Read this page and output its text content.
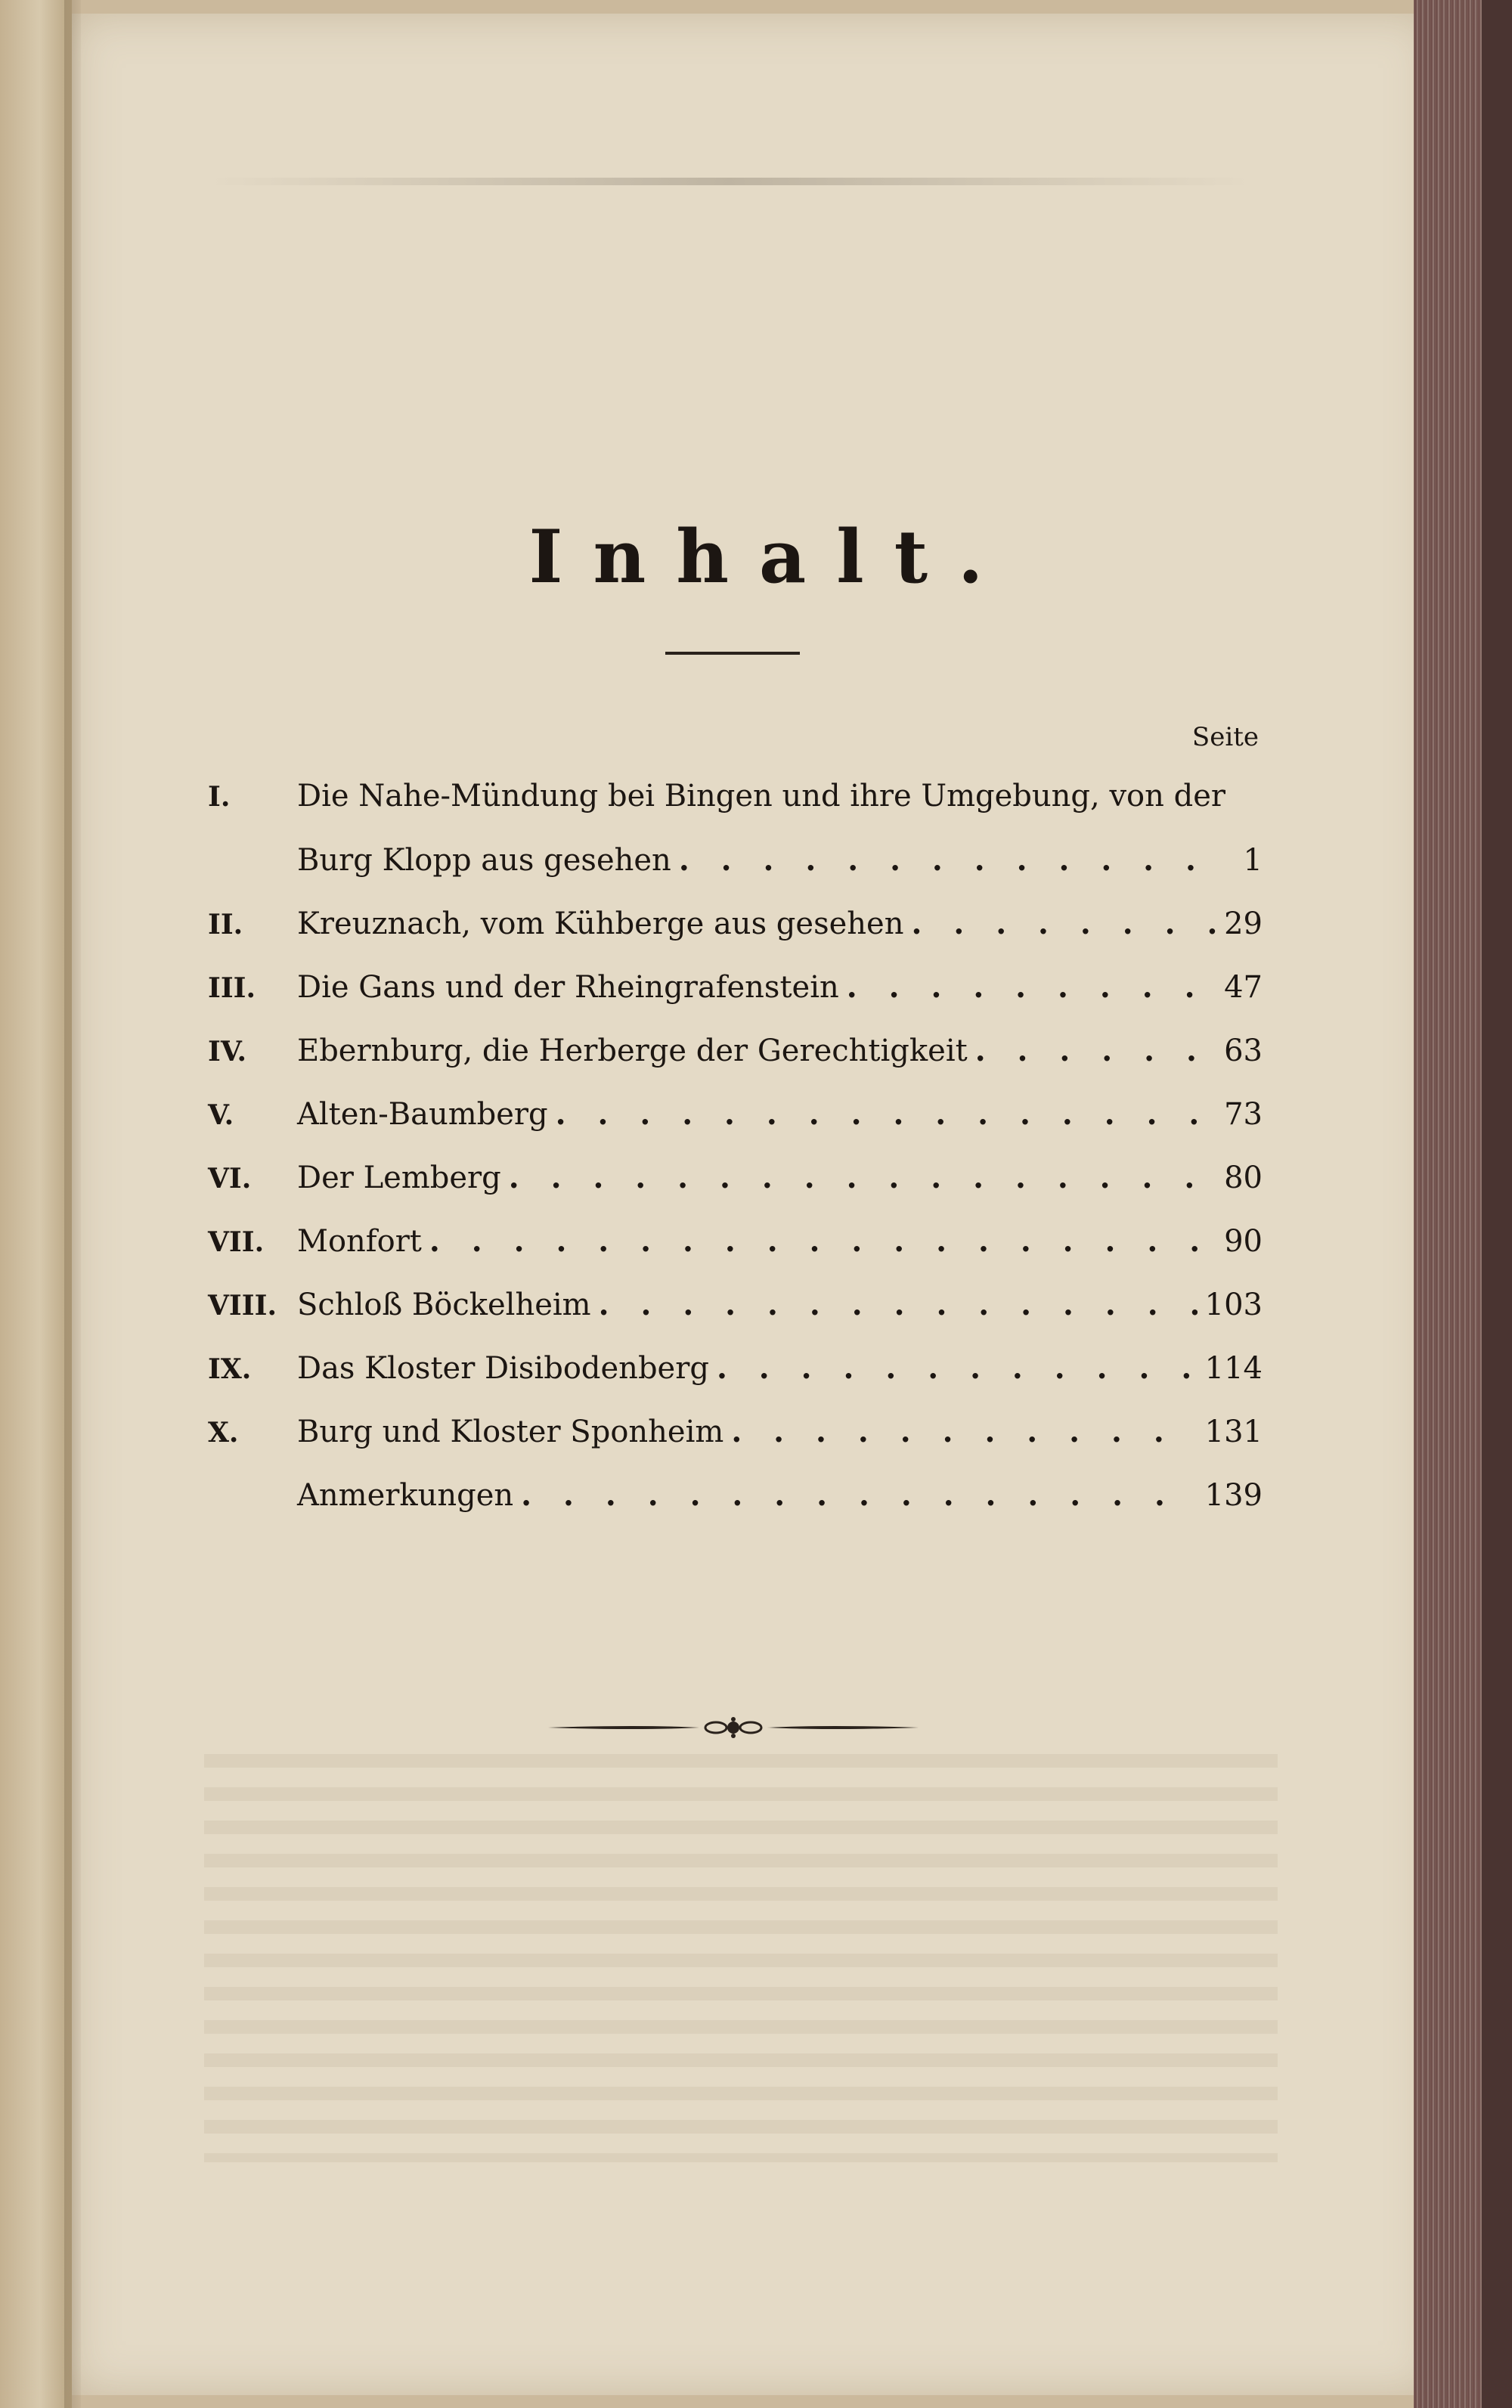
Inhalt.
Seite
I.	Die Nahe-Mündung bei Bingen und ihre Umgebung, von der
Burg Klopp aus gesehen . . .	1
II.	Kreuznach, vom Kühberge aus gesehen . . .	29
III.	Die Gans und der Rheingrafenstein . . .	47
IV.	Ebernburg, die Herberge der Gerechtigkeit . . .	63
V.	Alten-Baumberg . . .	73
VI.	Der Lemberg . . .	80
VII.	Monfort . . .	90
VIII. Schloß Böckelheim . . .	103
IX.	Das Kloster Disibodenberg . . .	114
X.	Burg und Kloster Sponheim . . .	131
Anmerkungen . . .	139
